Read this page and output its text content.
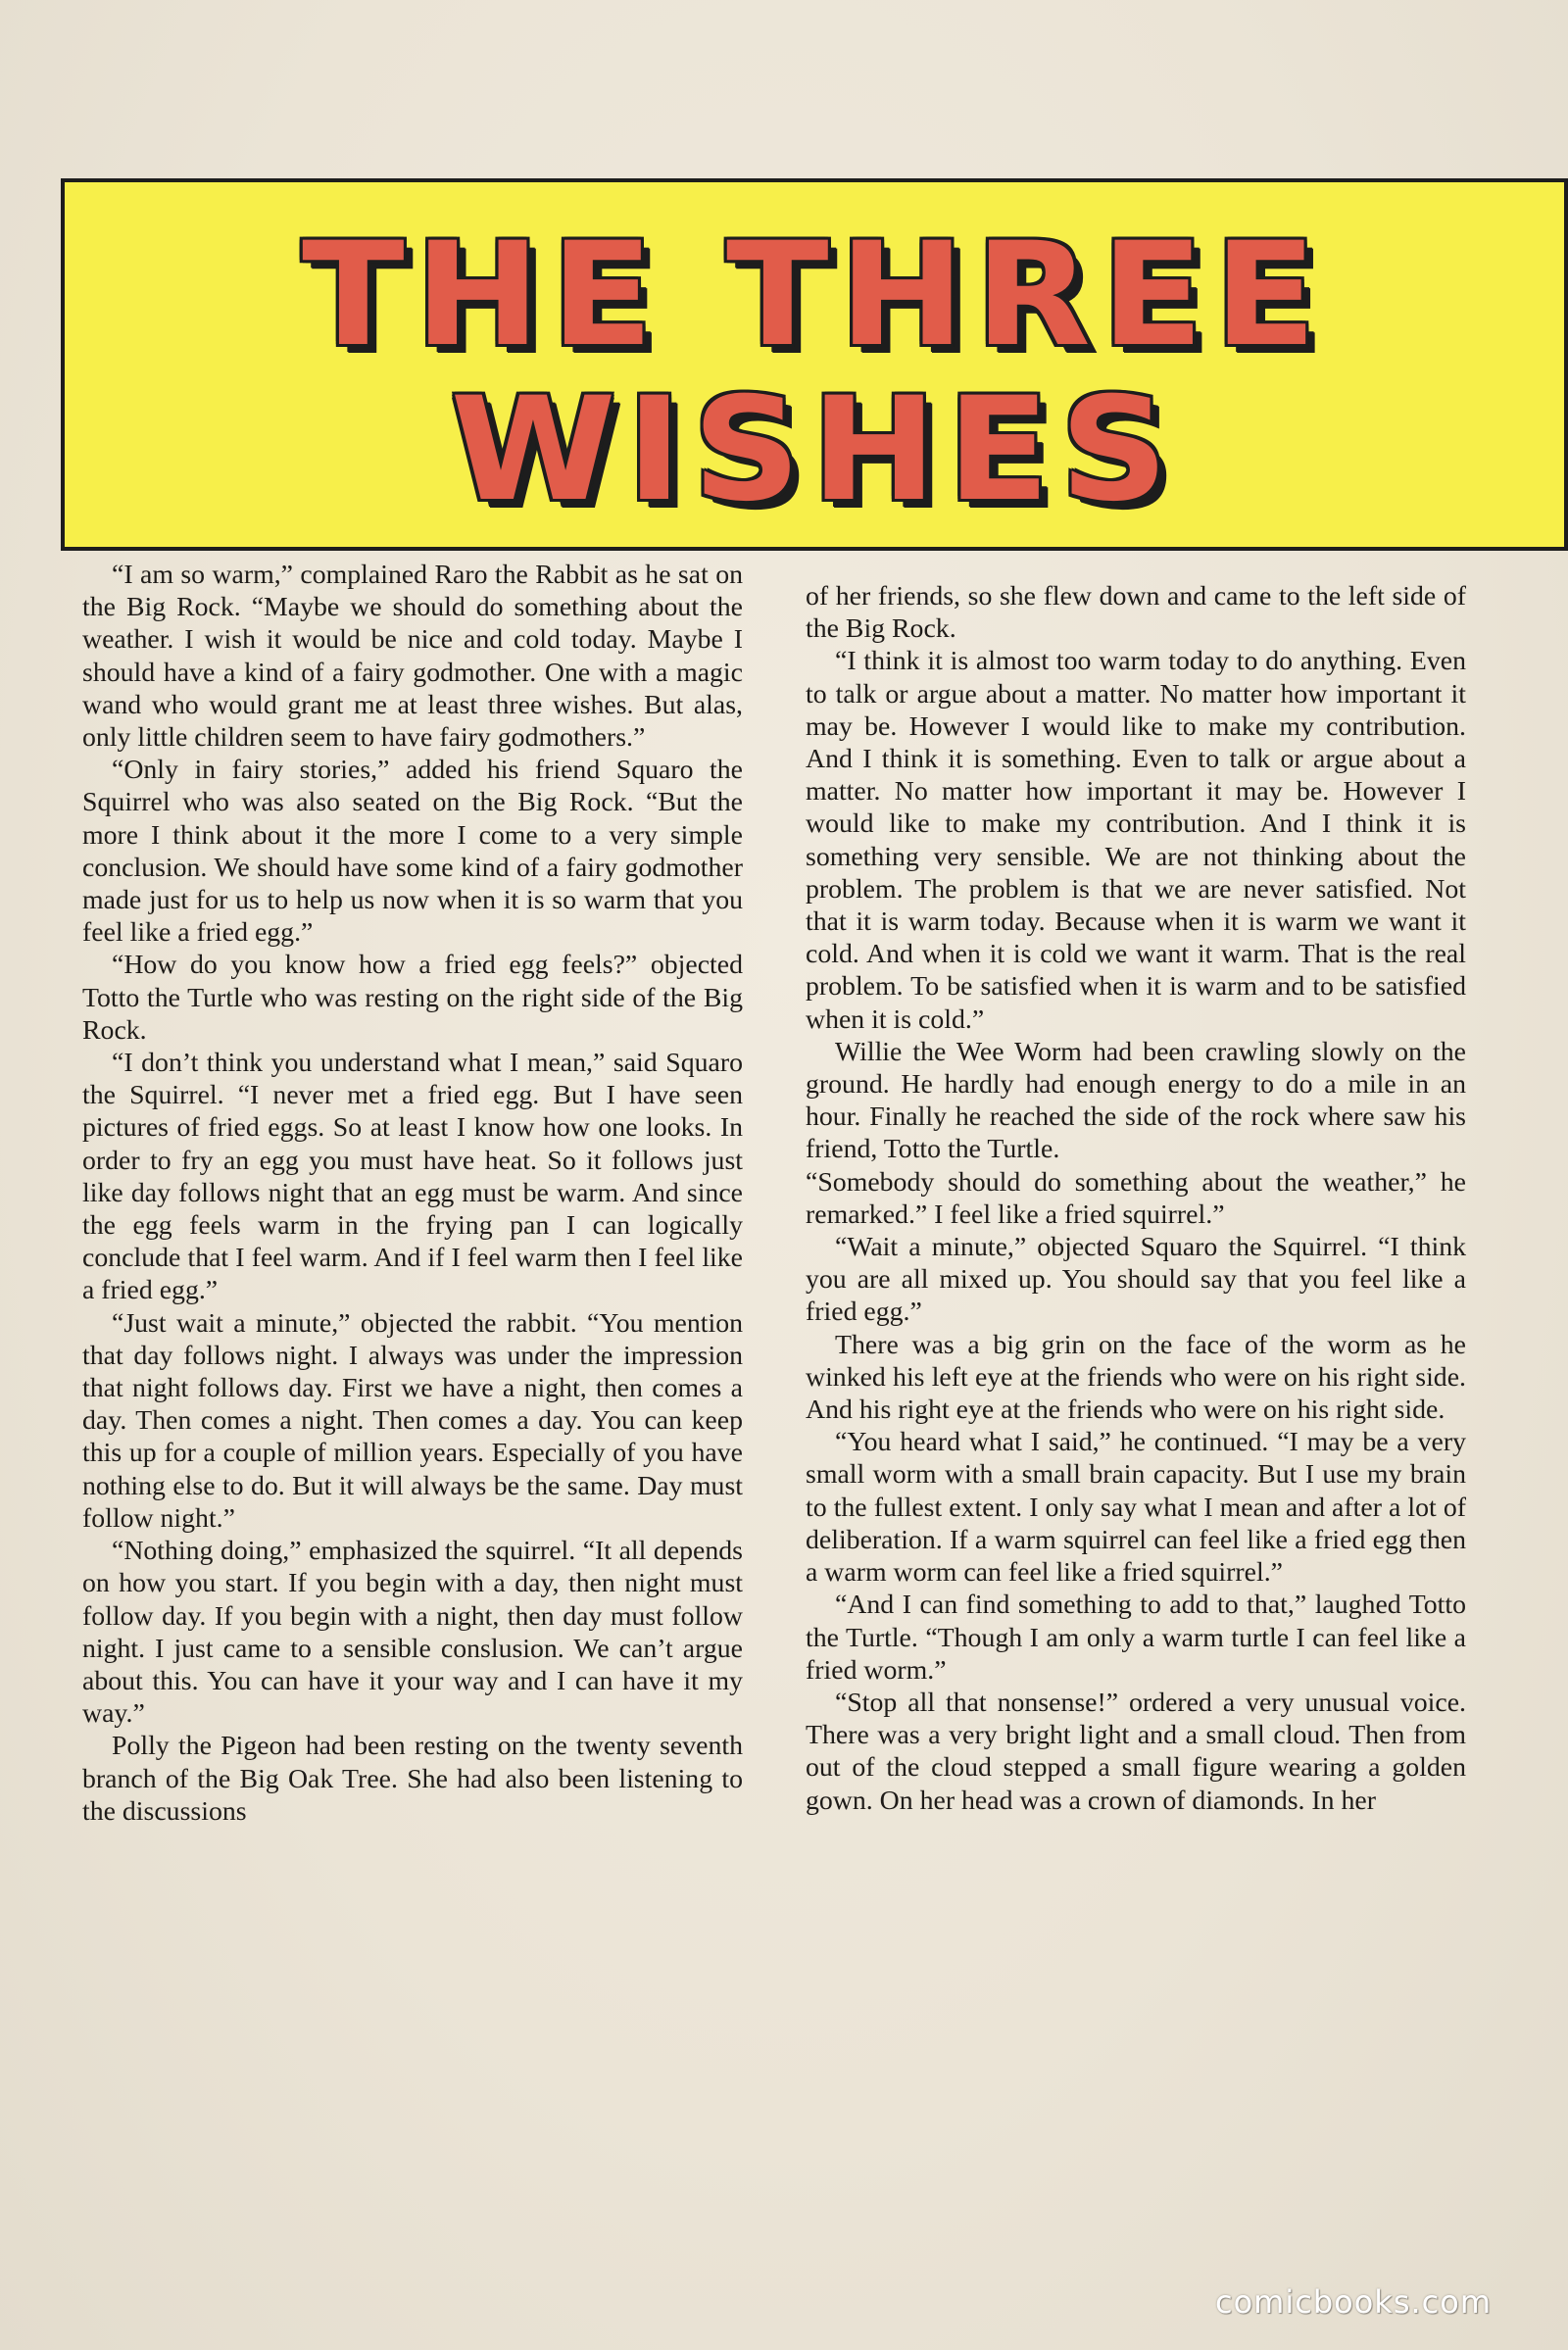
THE THREE
WISHES

“I am so warm,” complained Raro the Rabbit as he sat on the Big Rock. “Maybe we should do something about the weather. I wish it would be nice and cold today. Maybe I should have a kind of a fairy godmother. One with a magic wand who would grant me at least three wishes. But alas, only little children seem to have fairy godmothers.”

“Only in fairy stories,” added his friend Squaro the Squirrel who was also seated on the Big Rock. “But the more I think about it the more I come to a very simple conclusion. We should have some kind of a fairy godmother made just for us to help us now when it is so warm that you feel like a fried egg.”

“How do you know how a fried egg feels?” objected Totto the Turtle who was resting on the right side of the Big Rock.

“I don’t think you understand what I mean,” said Squaro the Squirrel. “I never met a fried egg. But I have seen pictures of fried eggs. So at least I know how one looks. In order to fry an egg you must have heat. So it follows just like day follows night that an egg must be warm. And since the egg feels warm in the frying pan I can logically conclude that I feel warm. And if I feel warm then I feel like a fried egg.”

“Just wait a minute,” objected the rabbit. “You mention that day follows night. I always was under the impression that night follows day. First we have a night, then comes a day. Then comes a night. Then comes a day. You can keep this up for a couple of million years. Especially of you have nothing else to do. But it will always be the same. Day must follow night.”

“Nothing doing,” emphasized the squirrel. “It all depends on how you start. If you begin with a day, then night must follow day. If you begin with a night, then day must follow night. I just came to a sensible conslusion. We can’t argue about this. You can have it your way and I can have it my way.”

Polly the Pigeon had been resting on the twenty seventh branch of the Big Oak Tree. She had also been listening to the discussions

of her friends, so she flew down and came to the left side of the Big Rock.

“I think it is almost too warm today to do anything. Even to talk or argue about a matter. No matter how important it may be. However I would like to make my contribution. And I think it is something. Even to talk or argue about a matter. No matter how important it may be. However I would like to make my contribution. And I think it is something very sensible. We are not thinking about the problem. The problem is that we are never satisfied. Not that it is warm today. Because when it is warm we want it cold. And when it is cold we want it warm. That is the real problem. To be satisfied when it is warm and to be satisfied when it is cold.”

Willie the Wee Worm had been crawling slowly on the ground. He hardly had enough energy to do a mile in an hour. Finally he reached the side of the rock where saw his friend, Totto the Turtle.

“Somebody should do something about the weather,” he remarked.” I feel like a fried squirrel.”

“Wait a minute,” objected Squaro the Squirrel. “I think you are all mixed up. You should say that you feel like a fried egg.”

There was a big grin on the face of the worm as he winked his left eye at the friends who were on his right side. And his right eye at the friends who were on his right side.

“You heard what I said,” he continued. “I may be a very small worm with a small brain capacity. But I use my brain to the fullest extent. I only say what I mean and after a lot of deliberation. If a warm squirrel can feel like a fried egg then a warm worm can feel like a fried squirrel.”

“And I can find something to add to that,” laughed Totto the Turtle. “Though I am only a warm turtle I can feel like a fried worm.”

“Stop all that nonsense!” ordered a very unusual voice. There was a very bright light and a small cloud. Then from out of the cloud stepped a small figure wearing a golden gown. On her head was a crown of diamonds. In her

comicbooks.com
